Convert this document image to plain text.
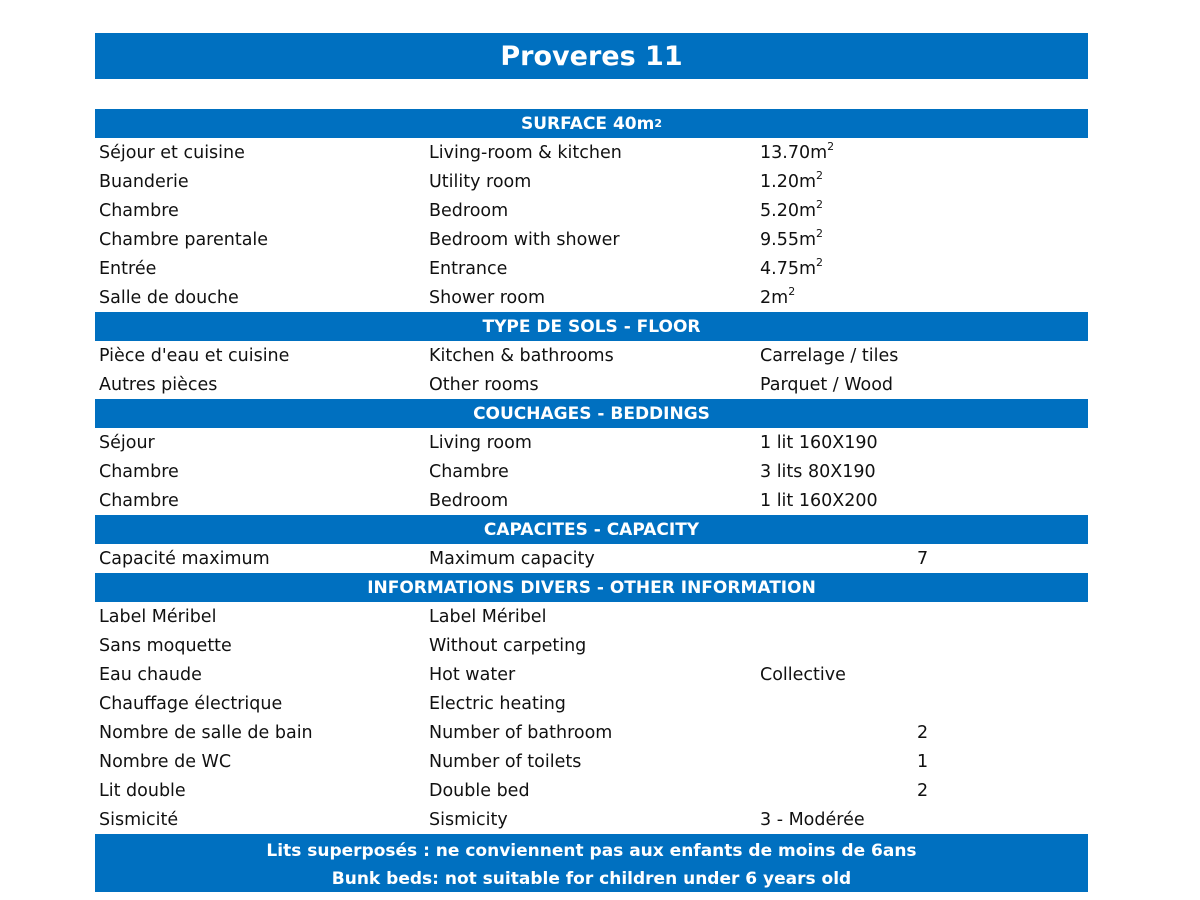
Proveres 11
SURFACE 40m 2
Séjour et cuisine	Living-room & kitchen	$13.70m^2$
Buanderie	Utility room	$1.20m^2$
Chambre	Bedroom	$5.20m^2$
Chambre parentale	Bedroom with shower	$9.55m^2$
Entrée	Entrance	$4.75m^2$
Salle de douche	Shower room	$2m^2$
TYPE DE SOLS - FLOOR
Pièce d'eau et cuisine	Kitchen & bathrooms	Carrelage / tiles
Autres pièces	Other rooms	Parquet / Wood
COUCHAGES - BEDDINGS
Séjour	Living room	1 lit 160X190
Chambre	Chambre	3 lits 80X190
Chambre	Bedroom	1 lit 160X200
CAPACITES - CAPACITY
Capacité maximum	Maximum capacity	7
INFORMATIONS DIVERS - OTHER INFORMATION
Label Méribel	Label Méribel
Sans moquette	Without carpeting
Eau chaude	Hot water	Collective
Chauffage électrique	Electric heating
Nombre de salle de bain	Number of bathroom	2
Nombre de WC	Number of toilets	1
Lit double	Double bed	2
Sismicité	Sismicity	3 - Modérée
Lits superposés : ne conviennent pas aux enfants de moins de 6ans
Bunk beds: not suitable for children under 6 years old
